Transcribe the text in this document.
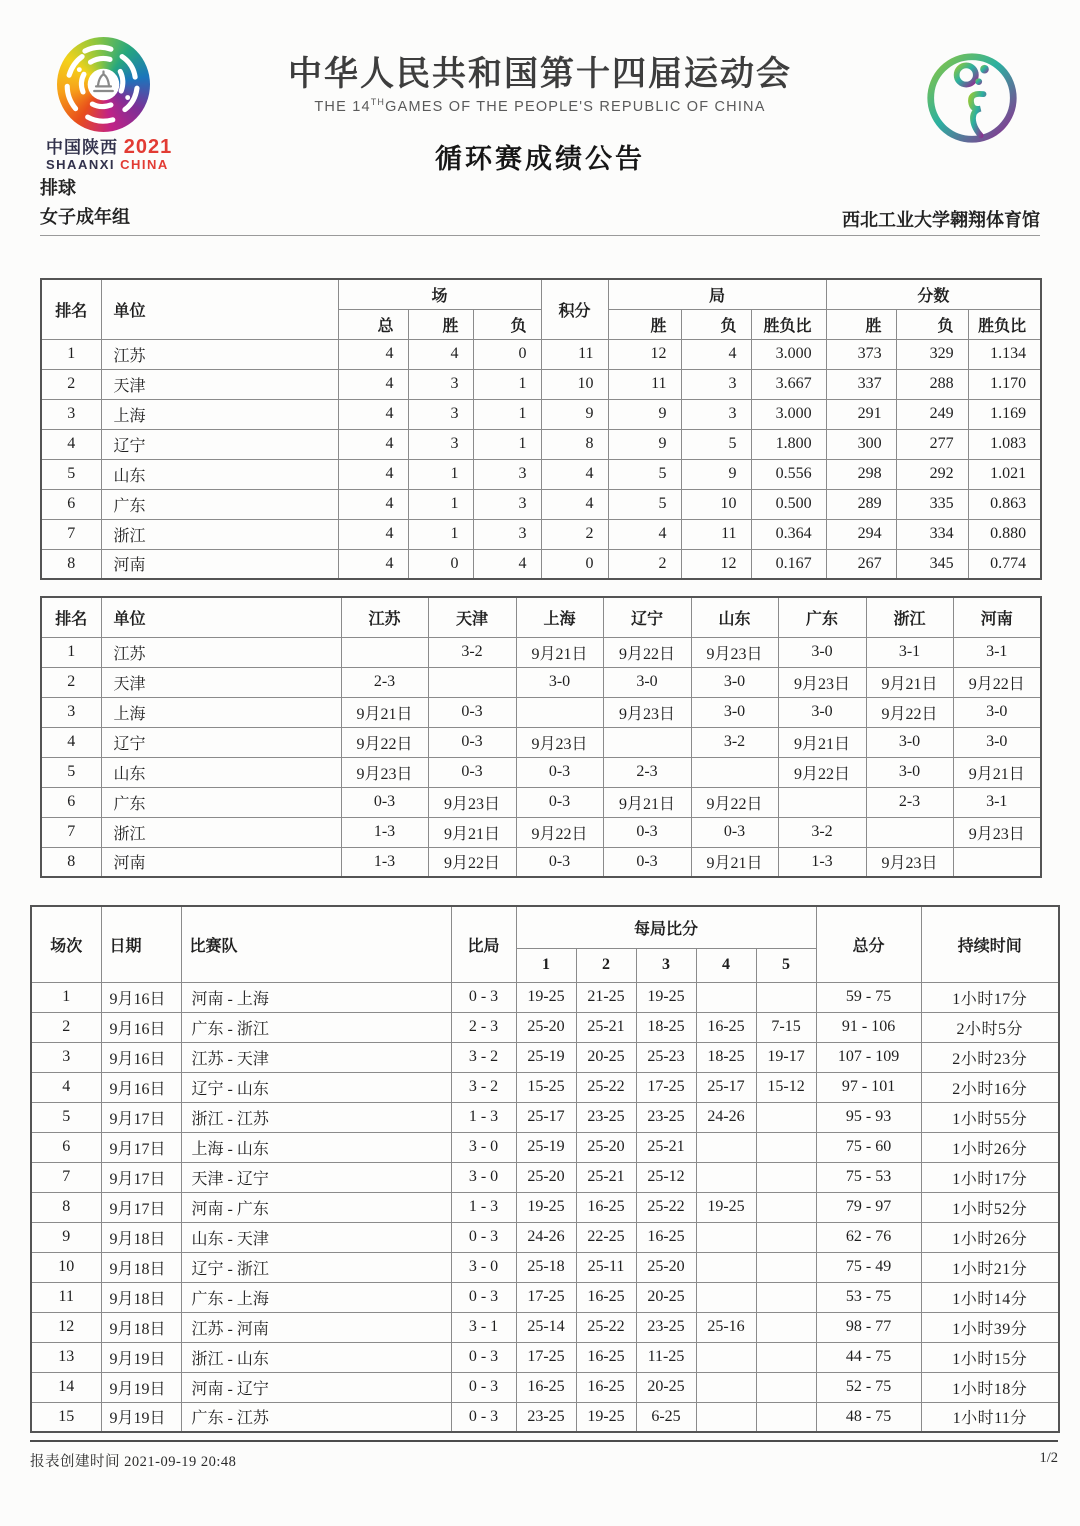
中国陕西 2021
SHAANXI CHINA
中华人民共和国第十四届运动会
THE 14THGAMES OF THE PEOPLE'S REPUBLIC OF CHINA
循环赛成绩公告
排球
女子成年组	西北工业大学翱翔体育馆
排名	单位	场			积分	局			分数		
		总	胜	负		胜	负	胜负比	胜	负	胜负比
1	江苏	4	4	0	11	12	4	3.000	373	329	1.134
2	天津	4	3	1	10	11	3	3.667	337	288	1.170
3	上海	4	3	1	9	9	3	3.000	291	249	1.169
4	辽宁	4	3	1	8	9	5	1.800	300	277	1.083
5	山东	4	1	3	4	5	9	0.556	298	292	1.021
6	广东	4	1	3	4	5	10	0.500	289	335	0.863
7	浙江	4	1	3	2	4	11	0.364	294	334	0.880
8	河南	4	0	4	0	2	12	0.167	267	345	0.774
排名	单位	江苏	天津	上海	辽宁	山东	广东	浙江	河南
1	江苏		3-2	9月21日	9月22日	9月23日	3-0	3-1	3-1
2	天津	2-3		3-0	3-0	3-0	9月23日	9月21日	9月22日
3	上海	9月21日	0-3		9月23日	3-0	3-0	9月22日	3-0
4	辽宁	9月22日	0-3	9月23日		3-2	9月21日	3-0	3-0
5	山东	9月23日	0-3	0-3	2-3		9月22日	3-0	9月21日
6	广东	0-3	9月23日	0-3	9月21日	9月22日		2-3	3-1
7	浙江	1-3	9月21日	9月22日	0-3	0-3	3-2		9月23日
8	河南	1-3	9月22日	0-3	0-3	9月21日	1-3	9月23日	
场次	日期	比赛队	比局	每局比分					总分	持续时间
				1	2	3	4	5		
1	9月16日	河南 - 上海	0 - 3	19-25	21-25	19-25			59 - 75	1小时17分
2	9月16日	广东 - 浙江	2 - 3	25-20	25-21	18-25	16-25	7-15	91 - 106	2小时5分
3	9月16日	江苏 - 天津	3 - 2	25-19	20-25	25-23	18-25	19-17	107 - 109	2小时23分
4	9月16日	辽宁 - 山东	3 - 2	15-25	25-22	17-25	25-17	15-12	97 - 101	2小时16分
5	9月17日	浙江 - 江苏	1 - 3	25-17	23-25	23-25	24-26		95 - 93	1小时55分
6	9月17日	上海 - 山东	3 - 0	25-19	25-20	25-21			75 - 60	1小时26分
7	9月17日	天津 - 辽宁	3 - 0	25-20	25-21	25-12			75 - 53	1小时17分
8	9月17日	河南 - 广东	1 - 3	19-25	16-25	25-22	19-25		79 - 97	1小时52分
9	9月18日	山东 - 天津	0 - 3	24-26	22-25	16-25			62 - 76	1小时26分
10	9月18日	辽宁 - 浙江	3 - 0	25-18	25-11	25-20			75 - 49	1小时21分
11	9月18日	广东 - 上海	0 - 3	17-25	16-25	20-25			53 - 75	1小时14分
12	9月18日	江苏 - 河南	3 - 1	25-14	25-22	23-25	25-16		98 - 77	1小时39分
13	9月19日	浙江 - 山东	0 - 3	17-25	16-25	11-25			44 - 75	1小时15分
14	9月19日	河南 - 辽宁	0 - 3	16-25	16-25	20-25			52 - 75	1小时18分
15	9月19日	广东 - 江苏	0 - 3	23-25	19-25	6-25			48 - 75	1小时11分
报表创建时间 2021-09-19 20:48	1/2
